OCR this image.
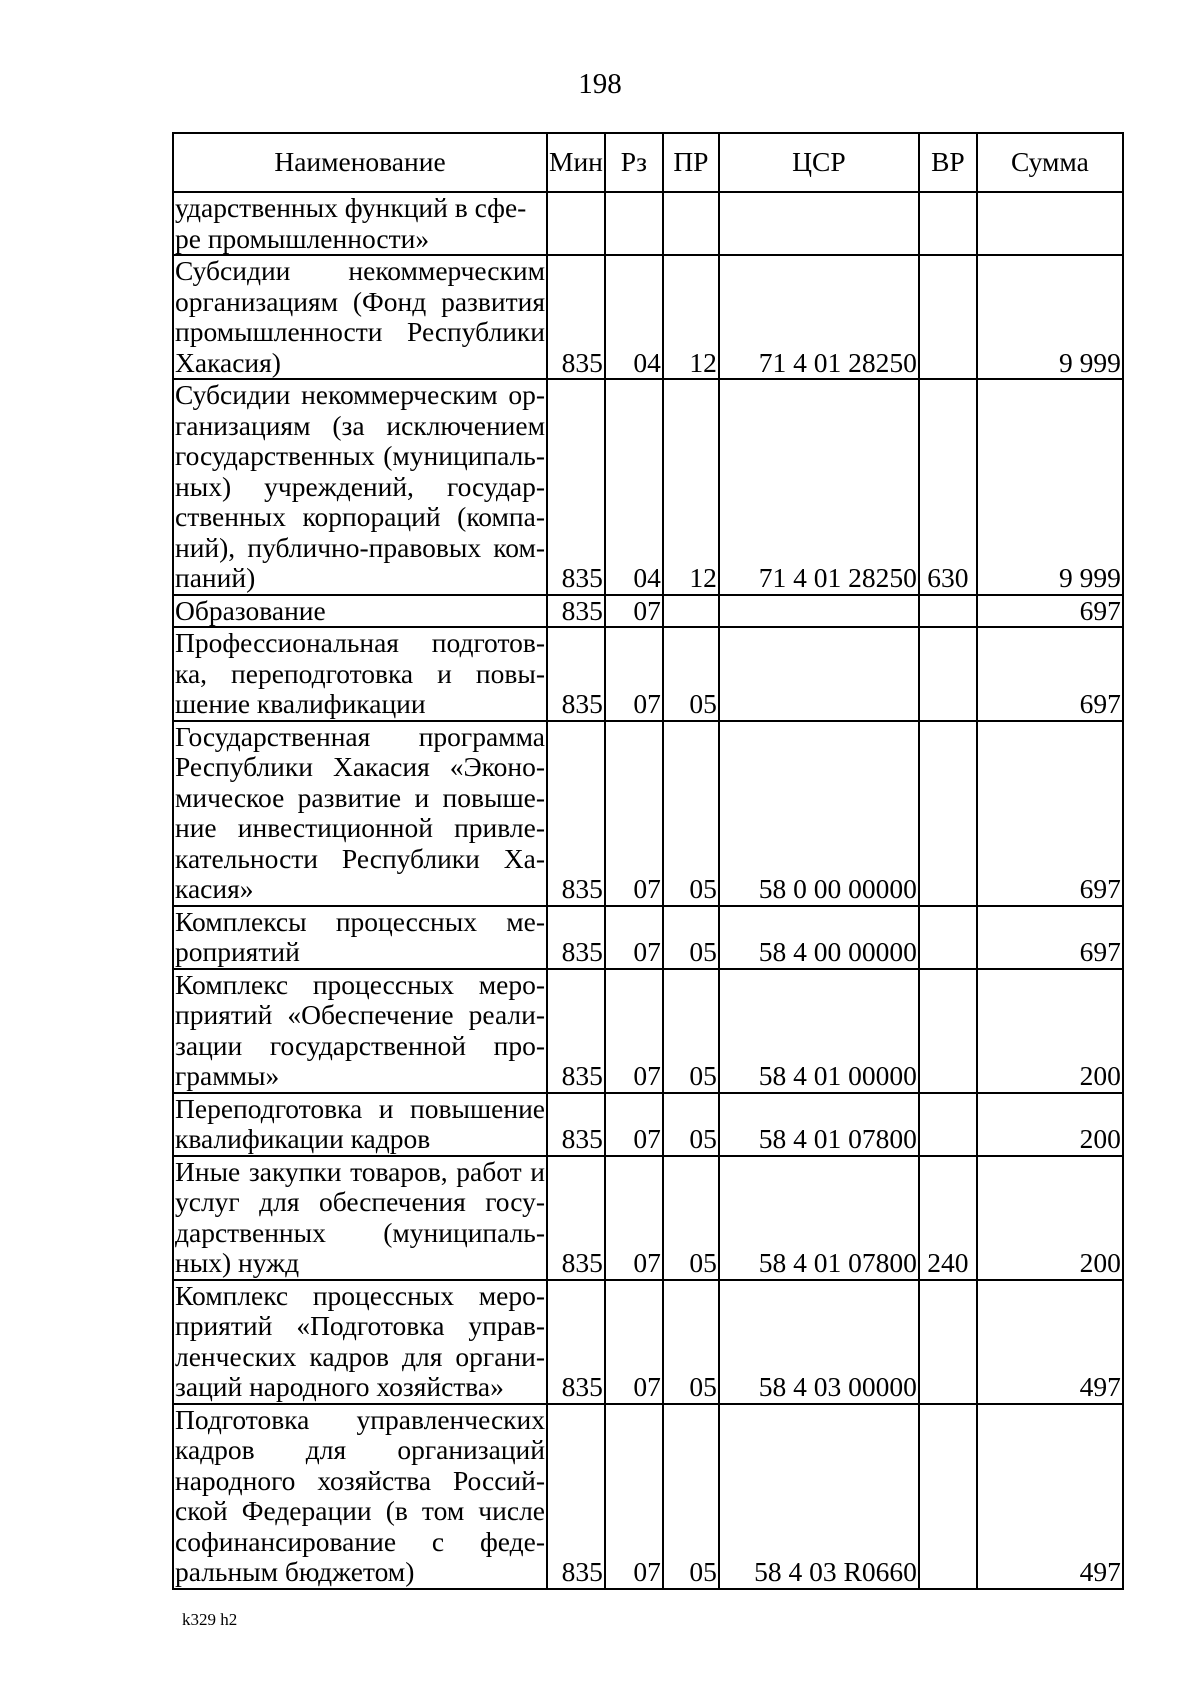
198
Наименование	Мин	Рз	ПР	ЦСР	ВР	Сумма
ударственных функций в сфе-
ре промышленности»						
Субсидии некоммерческим организациям (Фонд развития промышленности Республики Хакасия)	835	04	12	71 4 01 28250		9 999
Субсидии некоммерческим ор-ганизациям (за исключением государственных (муниципаль-ных) учреждений, государ-ственных корпораций (компа-ний), публично-правовых ком-паний)	835	04	12	71 4 01 28250	630	9 999
Образование	835	07				697
Профессиональная подготов-ка, переподготовка и повы-шение квалификации	835	07	05			697
Государственная программа Республики Хакасия «Эконо-мическое развитие и повыше-ние инвестиционной привле-кательности Республики Ха-касия»	835	07	05	58 0 00 00000		697
Комплексы процессных ме-роприятий	835	07	05	58 4 00 00000		697
Комплекс процессных меро-приятий «Обеспечение реали-зации государственной про-граммы»	835	07	05	58 4 01 00000		200
Переподготовка и повышение квалификации кадров	835	07	05	58 4 01 07800		200
Иные закупки товаров, работ и услуг для обеспечения госу-дарственных (муниципаль-ных) нужд	835	07	05	58 4 01 07800	240	200
Комплекс процессных меро-приятий «Подготовка управ-ленческих кадров для органи-заций народного хозяйства»	835	07	05	58 4 03 00000		497
Подготовка управленческих кадров для организаций народного хозяйства Россий-ской Федерации (в том числе софинансирование с феде-ральным бюджетом)	835	07	05	58 4 03 R0660		497
k329 h2
